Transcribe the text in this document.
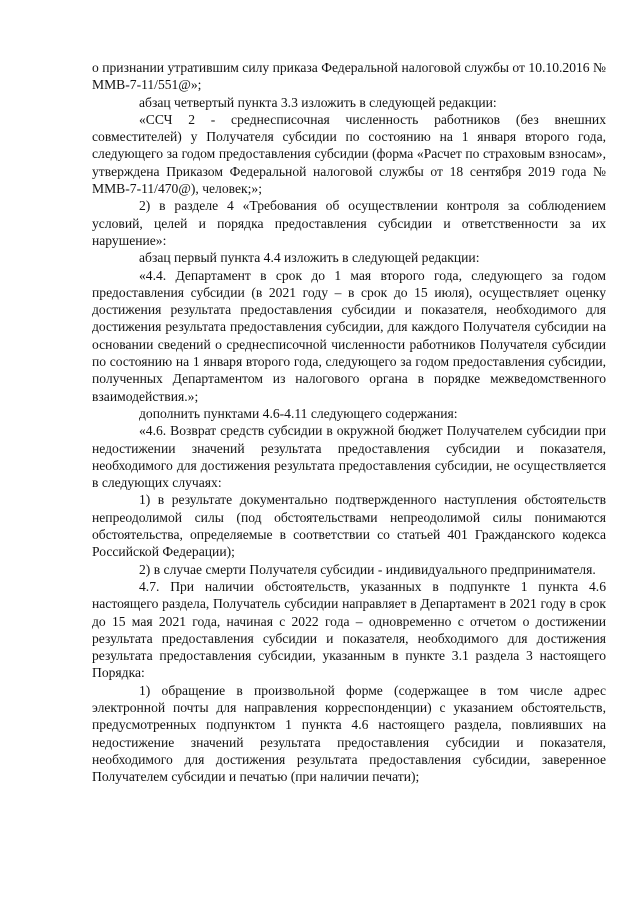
о признании утратившим силу приказа Федеральной налоговой службы от 10.10.2016 № ММВ-7-11/551@»;

абзац четвертый пункта 3.3 изложить в следующей редакции:

«ССЧ 2 - среднесписочная численность работников (без внешних совместителей) у Получателя субсидии по состоянию на 1 января второго года, следующего за годом предоставления субсидии (форма «Расчет по страховым взносам», утверждена Приказом Федеральной налоговой службы от 18 сентября 2019 года № ММВ-7-11/470@), человек;»;

2) в разделе 4 «Требования об осуществлении контроля за соблюдением условий, целей и порядка предоставления субсидии и ответственности за их нарушение»:

абзац первый пункта 4.4 изложить в следующей редакции:

«4.4. Департамент в срок до 1 мая второго года, следующего за годом предоставления субсидии (в 2021 году – в срок до 15 июля), осуществляет оценку достижения результата предоставления субсидии и показателя, необходимого для достижения результата предоставления субсидии, для каждого Получателя субсидии на основании сведений о среднесписочной численности работников Получателя субсидии по состоянию на 1 января второго года, следующего за годом предоставления субсидии, полученных Департаментом из налогового органа в порядке межведомственного взаимодействия.»;

дополнить пунктами 4.6-4.11 следующего содержания:

«4.6. Возврат средств субсидии в окружной бюджет Получателем субсидии при недостижении значений результата предоставления субсидии и показателя, необходимого для достижения результата предоставления субсидии, не осуществляется в следующих случаях:

1) в результате документально подтвержденного наступления обстоятельств непреодолимой силы (под обстоятельствами непреодолимой силы понимаются обстоятельства, определяемые в соответствии со статьей 401 Гражданского кодекса Российской Федерации);

2) в случае смерти Получателя субсидии - индивидуального предпринимателя.

4.7. При наличии обстоятельств, указанных в подпункте 1 пункта 4.6 настоящего раздела, Получатель субсидии направляет в Департамент в 2021 году в срок до 15 мая 2021 года, начиная с 2022 года – одновременно с отчетом о достижении результата предоставления субсидии и показателя, необходимого для достижения результата предоставления субсидии, указанным в пункте 3.1 раздела 3 настоящего Порядка:

1) обращение в произвольной форме (содержащее в том числе адрес электронной почты для направления корреспонденции) с указанием обстоятельств, предусмотренных подпунктом 1 пункта 4.6 настоящего раздела, повлиявших на недостижение значений результата предоставления субсидии и показателя, необходимого для достижения результата предоставления субсидии, заверенное Получателем субсидии и печатью (при наличии печати);
